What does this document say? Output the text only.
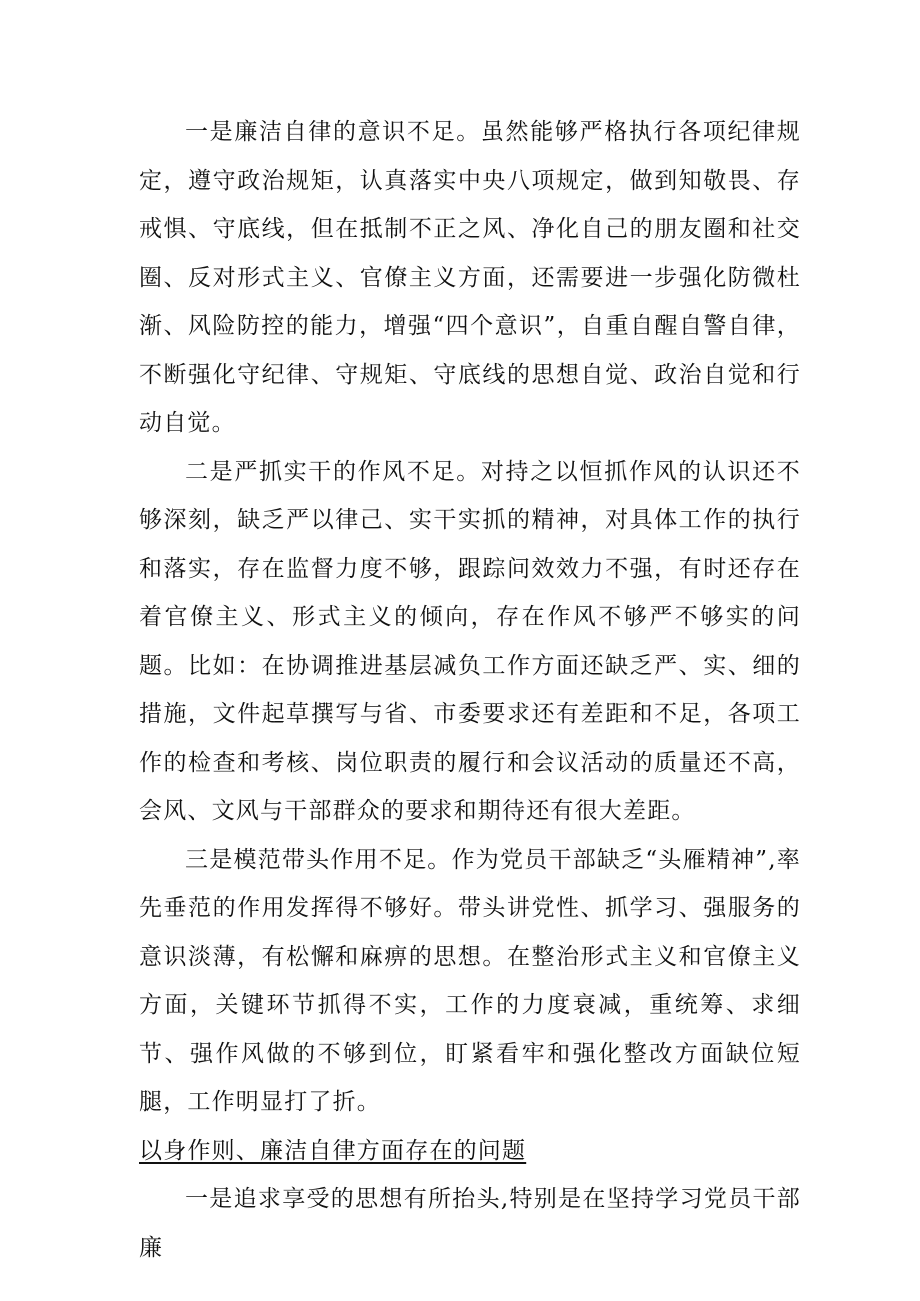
一是廉洁自律的意识不足。虽然能够严格执行各项纪律规定，遵守政治规矩，认真落实中央八项规定，做到知敬畏、存戒惧、守底线，但在抵制不正之风、净化自己的朋友圈和社交圈、反对形式主义、官僚主义方面，还需要进一步强化防微杜渐、风险防控的能力，增强“四个意识”，自重自醒自警自律，不断强化守纪律、守规矩、守底线的思想自觉、政治自觉和行动自觉。

二是严抓实干的作风不足。对持之以恒抓作风的认识还不够深刻，缺乏严以律己、实干实抓的精神，对具体工作的执行和落实，存在监督力度不够，跟踪问效效力不强，有时还存在着官僚主义、形式主义的倾向，存在作风不够严不够实的问题。比如：在协调推进基层减负工作方面还缺乏严、实、细的措施，文件起草撰写与省、市委要求还有差距和不足，各项工作的检查和考核、岗位职责的履行和会议活动的质量还不高，会风、文风与干部群众的要求和期待还有很大差距。

三是模范带头作用不足。作为党员干部缺乏“头雁精神”,率先垂范的作用发挥得不够好。带头讲党性、抓学习、强服务的意识淡薄，有松懈和麻痹的思想。在整治形式主义和官僚主义方面，关键环节抓得不实，工作的力度衰减，重统筹、求细节、强作风做的不够到位，盯紧看牢和强化整改方面缺位短腿，工作明显打了折。

以身作则、廉洁自律方面存在的问题

一是追求享受的思想有所抬头,特别是在坚持学习党员干部廉
